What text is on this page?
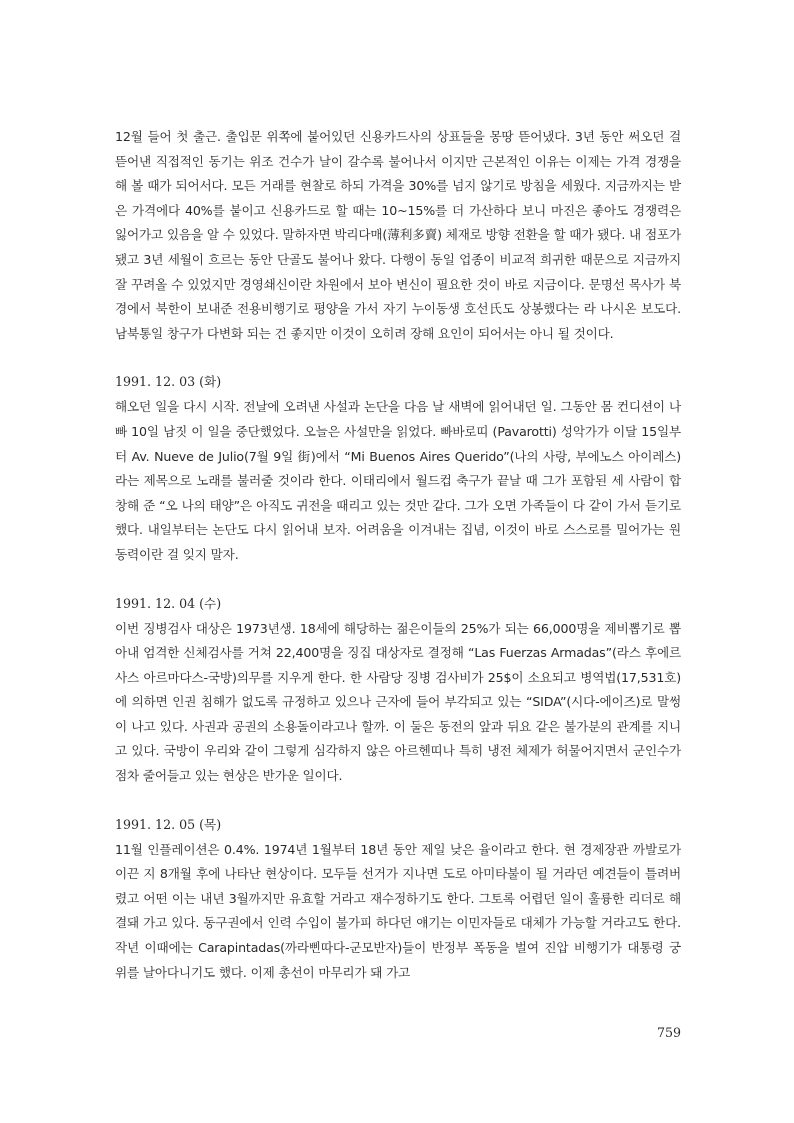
12월 들어 첫 출근. 출입문 위쪽에 붙어있던 신용카드사의 상표들을 몽땅 뜯어냈다. 3년 동안 써오던 걸 뜯어낸 직접적인 동기는 위조 건수가 날이 갈수록 불어나서 이지만 근본적인 이유는 이제는 가격 경쟁을 해 볼 때가 되어서다. 모든 거래를 현찰로 하되 가격을 30%를 넘지 않기로 방침을 세웠다. 지금까지는 받은 가격에다 40%를 붙이고 신용카드로 할 때는 10~15%를 더 가산하다 보니 마진은 좋아도 경쟁력은 잃어가고 있음을 알 수 있었다. 말하자면 박리다매(薄利多賣) 체재로 방향 전환을 할 때가 됐다. 내 점포가 됐고 3년 세월이 흐르는 동안 단골도 불어나 왔다. 다행이 동일 업종이 비교적 희귀한 때문으로 지금까지 잘 꾸려올 수 있었지만 경영쇄신이란 차원에서 보아 변신이 필요한 것이 바로 지금이다. 문명선 목사가 북경에서 북한이 보내준 전용비행기로 평양을 가서 자기 누이동생 호선氏도 상봉했다는 라 나시온 보도다. 남북통일 창구가 다변화 되는 건 좋지만 이것이 오히려 장해 요인이 되어서는 아니 될 것이다.

1991. 12. 03 (화)

해오던 일을 다시 시작. 전날에 오려낸 사설과 논단을 다음 날 새벽에 읽어내던 일. 그동안 몸 컨디션이 나빠 10일 남짓 이 일을 중단했었다. 오늘은 사설만을 읽었다. 빠바로띠 (Pavarotti) 성악가가 이달 15일부터 Av. Nueve de Julio(7월 9일 街)에서 “Mi Buenos Aires Querido”(나의 사랑, 부에노스 아이레스)라는 제목으로 노래를 불러줄 것이라 한다. 이태리에서 월드컵 축구가 끝날 때 그가 포함된 세 사람이 합창해 준 “오 나의 태양”은 아직도 귀전을 때리고 있는 것만 같다. 그가 오면 가족들이 다 같이 가서 듣기로 했다. 내일부터는 논단도 다시 읽어내 보자. 어려움을 이겨내는 집념, 이것이 바로 스스로를 밀어가는 원동력이란 걸 잊지 말자.

1991. 12. 04 (수)

이번 징병검사 대상은 1973년생. 18세에 해당하는 젊은이들의 25%가 되는 66,000명을 제비뽑기로 뽑아내 엄격한 신체검사를 거쳐 22,400명을 징집 대상자로 결정해 “Las Fuerzas Armadas”(라스 후에르사스 아르마다스-국방)의무를 지우게 한다. 한 사람당 징병 검사비가 25$이 소요되고 병역법(17,531호)에 의하면 인권 침해가 없도록 규정하고 있으나 근자에 들어 부각되고 있는 “SIDA”(시다-에이즈)로 말썽이 나고 있다. 사권과 공권의 소용돌이라고나 할까. 이 둘은 동전의 앞과 뒤요 같은 불가분의 관계를 지니고 있다. 국방이 우리와 같이 그렇게 심각하지 않은 아르헨띠나 특히 냉전 체제가 허물어지면서 군인수가 점차 줄어들고 있는 현상은 반가운 일이다.

1991. 12. 05 (목)

11월 인플레이션은 0.4%. 1974년 1월부터 18년 동안 제일 낮은 율이라고 한다. 현 경제장관 까발로가 이끈 지 8개월 후에 나타난 현상이다. 모두들 선거가 지나면 도로 아미타불이 될 거라던 예견들이 틀려버렸고 어떤 이는 내년 3월까지만 유효할 거라고 재수정하기도 한다. 그토록 어렵던 일이 훌륭한 리더로 해결돼 가고 있다. 동구권에서 인력 수입이 불가피 하다던 얘기는 이민자들로 대체가 가능할 거라고도 한다. 작년 이때에는 Carapintadas(까라삔따다-군모반자)들이 반정부 폭동을 벌여 진압 비행기가 대통령 궁 위를 날아다니기도 했다. 이제 총선이 마무리가 돼 가고

759
